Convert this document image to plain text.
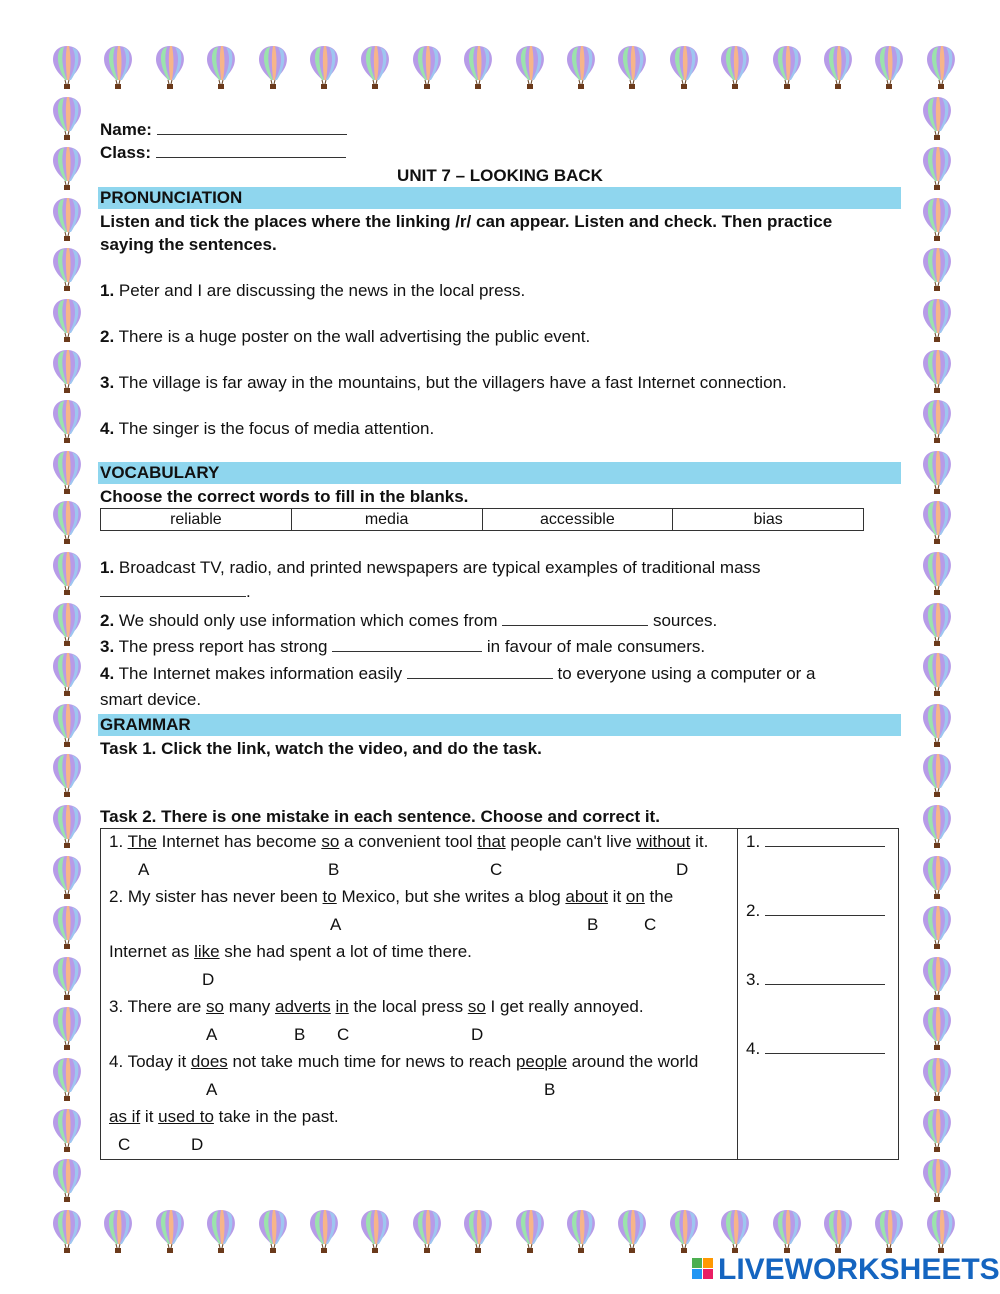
Name:
Class:
UNIT 7 – LOOKING BACK
PRONUNCIATION
Listen and tick the places where the linking /r/ can appear. Listen and check. Then practice
saying the sentences.
1. Peter and I are discussing the news in the local press.
2. There is a huge poster on the wall advertising the public event.
3. The village is far away in the mountains, but the villagers have a fast Internet connection.
4. The singer is the focus of media attention.
VOCABULARY
Choose the correct words to fill in the blanks.
reliable	media	accessible	bias
1. Broadcast TV, radio, and printed newspapers are typical examples of traditional mass
.
2. We should only use information which comes from	sources.
3. The press report has strong	in favour of male consumers.
4. The Internet makes information easily	to everyone using a computer or a
smart device.
GRAMMAR
Task 1. Click the link, watch the video, and do the task.
Task 2. There is one mistake in each sentence. Choose and correct it.
1. The Internet has become so a convenient tool that people can't live without it.
A	B	C	D
2. My sister has never been to Mexico, but she writes a blog about it on the
A	B	C
Internet as like she had spent a lot of time there.
D
3. There are so many adverts in the local press so I get really annoyed.
A	B C	D
4. Today it does not take much time for news to reach people around the world
A	B
as if it used to take in the past.
C	D
1.
2.
3.
4.
LIVEWORKSHEETS
